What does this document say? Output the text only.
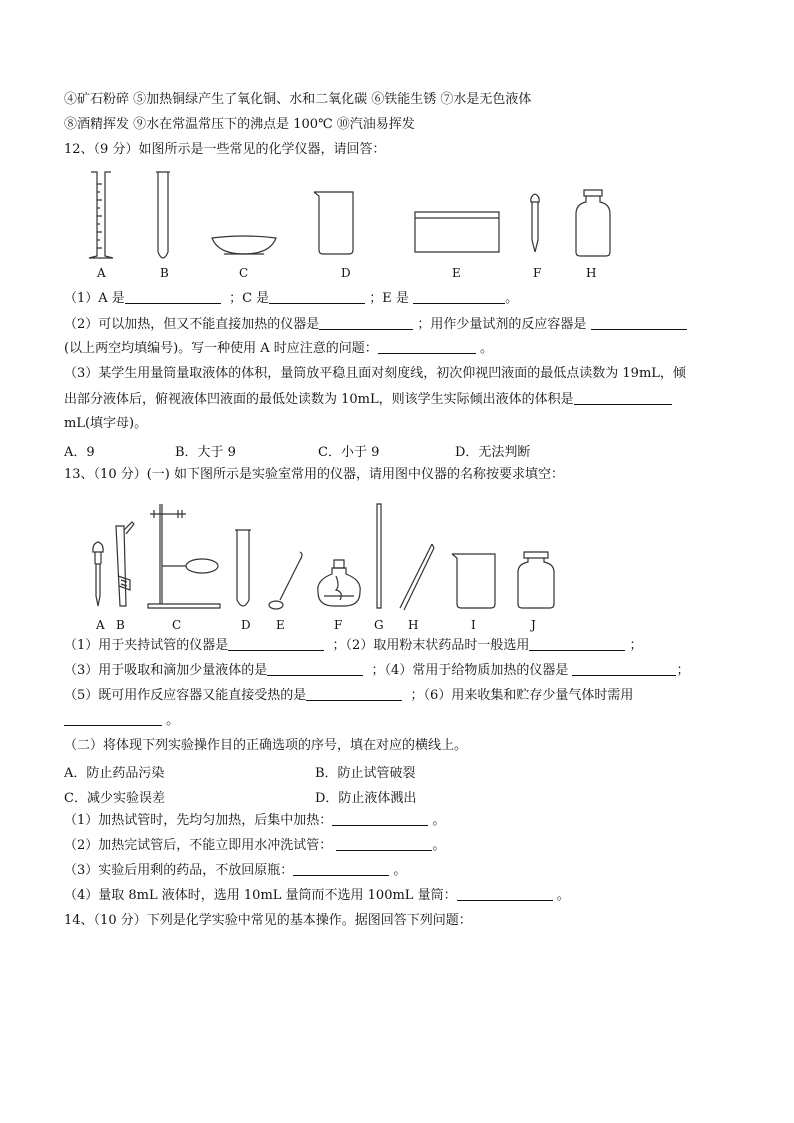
④矿石粉碎 ⑤加热铜绿产生了氧化铜、水和二氧化碳 ⑥铁能生锈 ⑦水是无色液体
⑧酒精挥发 ⑨水在常温常压下的沸点是 100℃ ⑩汽油易挥发
12、（9 分）如图所示是一些常见的化学仪器，请回答：
A	B	C	D	E	F	H
（1）A 是	；C 是	；E 是	。
（2）可以加热，但又不能直接加热的仪器是	；用作少量试剂的反应容器是
(以上两空均填编号)。写一种使用 A 时应注意的问题：	。
（3）某学生用量筒量取液体的体积，量筒放平稳且面对刻度线，初次仰视凹液面的最低点读数为 19mL，倾
出部分液体后，俯视液体凹液面的最低处读数为 10mL，则该学生实际倾出液体的体积是
mL(填字母)。
A．9	B．大于 9	C．小于 9	D．无法判断
13、（10 分）(一) 如下图所示是实验室常用的仪器，请用图中仪器的名称按要求填空：
A B	C	D E	F	G H	I	J
（1）用于夹持试管的仪器是	；（2）取用粉末状药品时一般选用	；
（3）用于吸取和滴加少量液体的是	；（4）常用于给物质加热的仪器是	；
（5）既可用作反应容器又能直接受热的是	；（6）用来收集和贮存少量气体时需用
。
（二）将体现下列实验操作目的正确选项的序号，填在对应的横线上。
A．防止药品污染	B．防止试管破裂
C．减少实验误差	D．防止液体溅出
（1）加热试管时，先均匀加热，后集中加热：	。
（2）加热完试管后，不能立即用水冲洗试管：	。
（3）实验后用剩的药品，不放回原瓶：	。
（4）量取 8mL 液体时，选用 10mL 量筒而不选用 100mL 量筒：	。
14、（10 分）下列是化学实验中常见的基本操作。据图回答下列问题：
